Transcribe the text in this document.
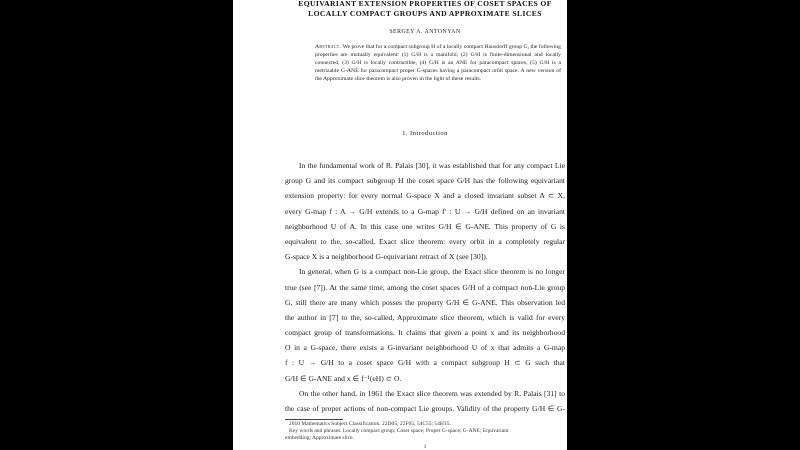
EQUIVARIANT EXTENSION PROPERTIES OF COSET SPACES OF
LOCALLY COMPACT GROUPS AND APPROXIMATE SLICES
SERGEY A. ANTONYAN
Abstract. We prove that for a compact subgroup H of a locally compact Hausdorff group G, the following properties are mutually equivalent: (1) G/H is a manifold, (2) G/H is finite-dimensional and locally connected, (3) G/H is locally contractible, (4) G/H is an ANE for paracompact spaces, (5) G/H is a metrizable G-ANE for paracompact proper G-spaces having a paracompact orbit space. A new version of the Approximate slice theorem is also proven in the light of these results.
1. Introduction
In the fundamental work of R. Palais [30], it was established that for any compact Lie
group G and its compact subgroup H the coset space G/H has the following equivariant
extension property: for every normal G-space X and a closed invariant subset A ⊂ X,
every G-map f : A → G/H extends to a G-map f′ : U → G/H defined on an invariant
neighborhood U of A. In this case one writes G/H ∈ G-ANE. This property of G is
equivalent to the, so-called, Exact slice theorem: every orbit in a completely regular
G-space X is a neighborhood G-equivariant retract of X (see [30]).
In general, when G is a compact non-Lie group, the Exact slice theorem is no longer
true (see [7]). At the same time, among the coset spaces G/H of a compact non-Lie group
G, still there are many which posses the property G/H ∈ G-ANE. This observation led
the author in [7] to the, so-called, Approximate slice theorem, which is valid for every
compact group of transformations. It claims that given a point x and its neighborhood
O in a G-space, there exists a G-invariant neighborhood U of x that admits a G-map
f : U → G/H to a coset space G/H with a compact subgroup H ⊂ G such that
G/H ∈ G-ANE and x ∈ f⁻¹(eH) ⊂ O.
On the other hand, in 1961 the Exact slice theorem was extended by R. Palais [31] to
the case of proper actions of non-compact Lie groups. Validity of the property G/H ∈ G-
2010 Mathematics Subject Classification. 22D05; 22F05; 54C55; 54H15.
Key words and phrases. Locally compact group; Coset space; Proper G-space; G-ANE; Equivariant
embedding; Approximate slice.
1
